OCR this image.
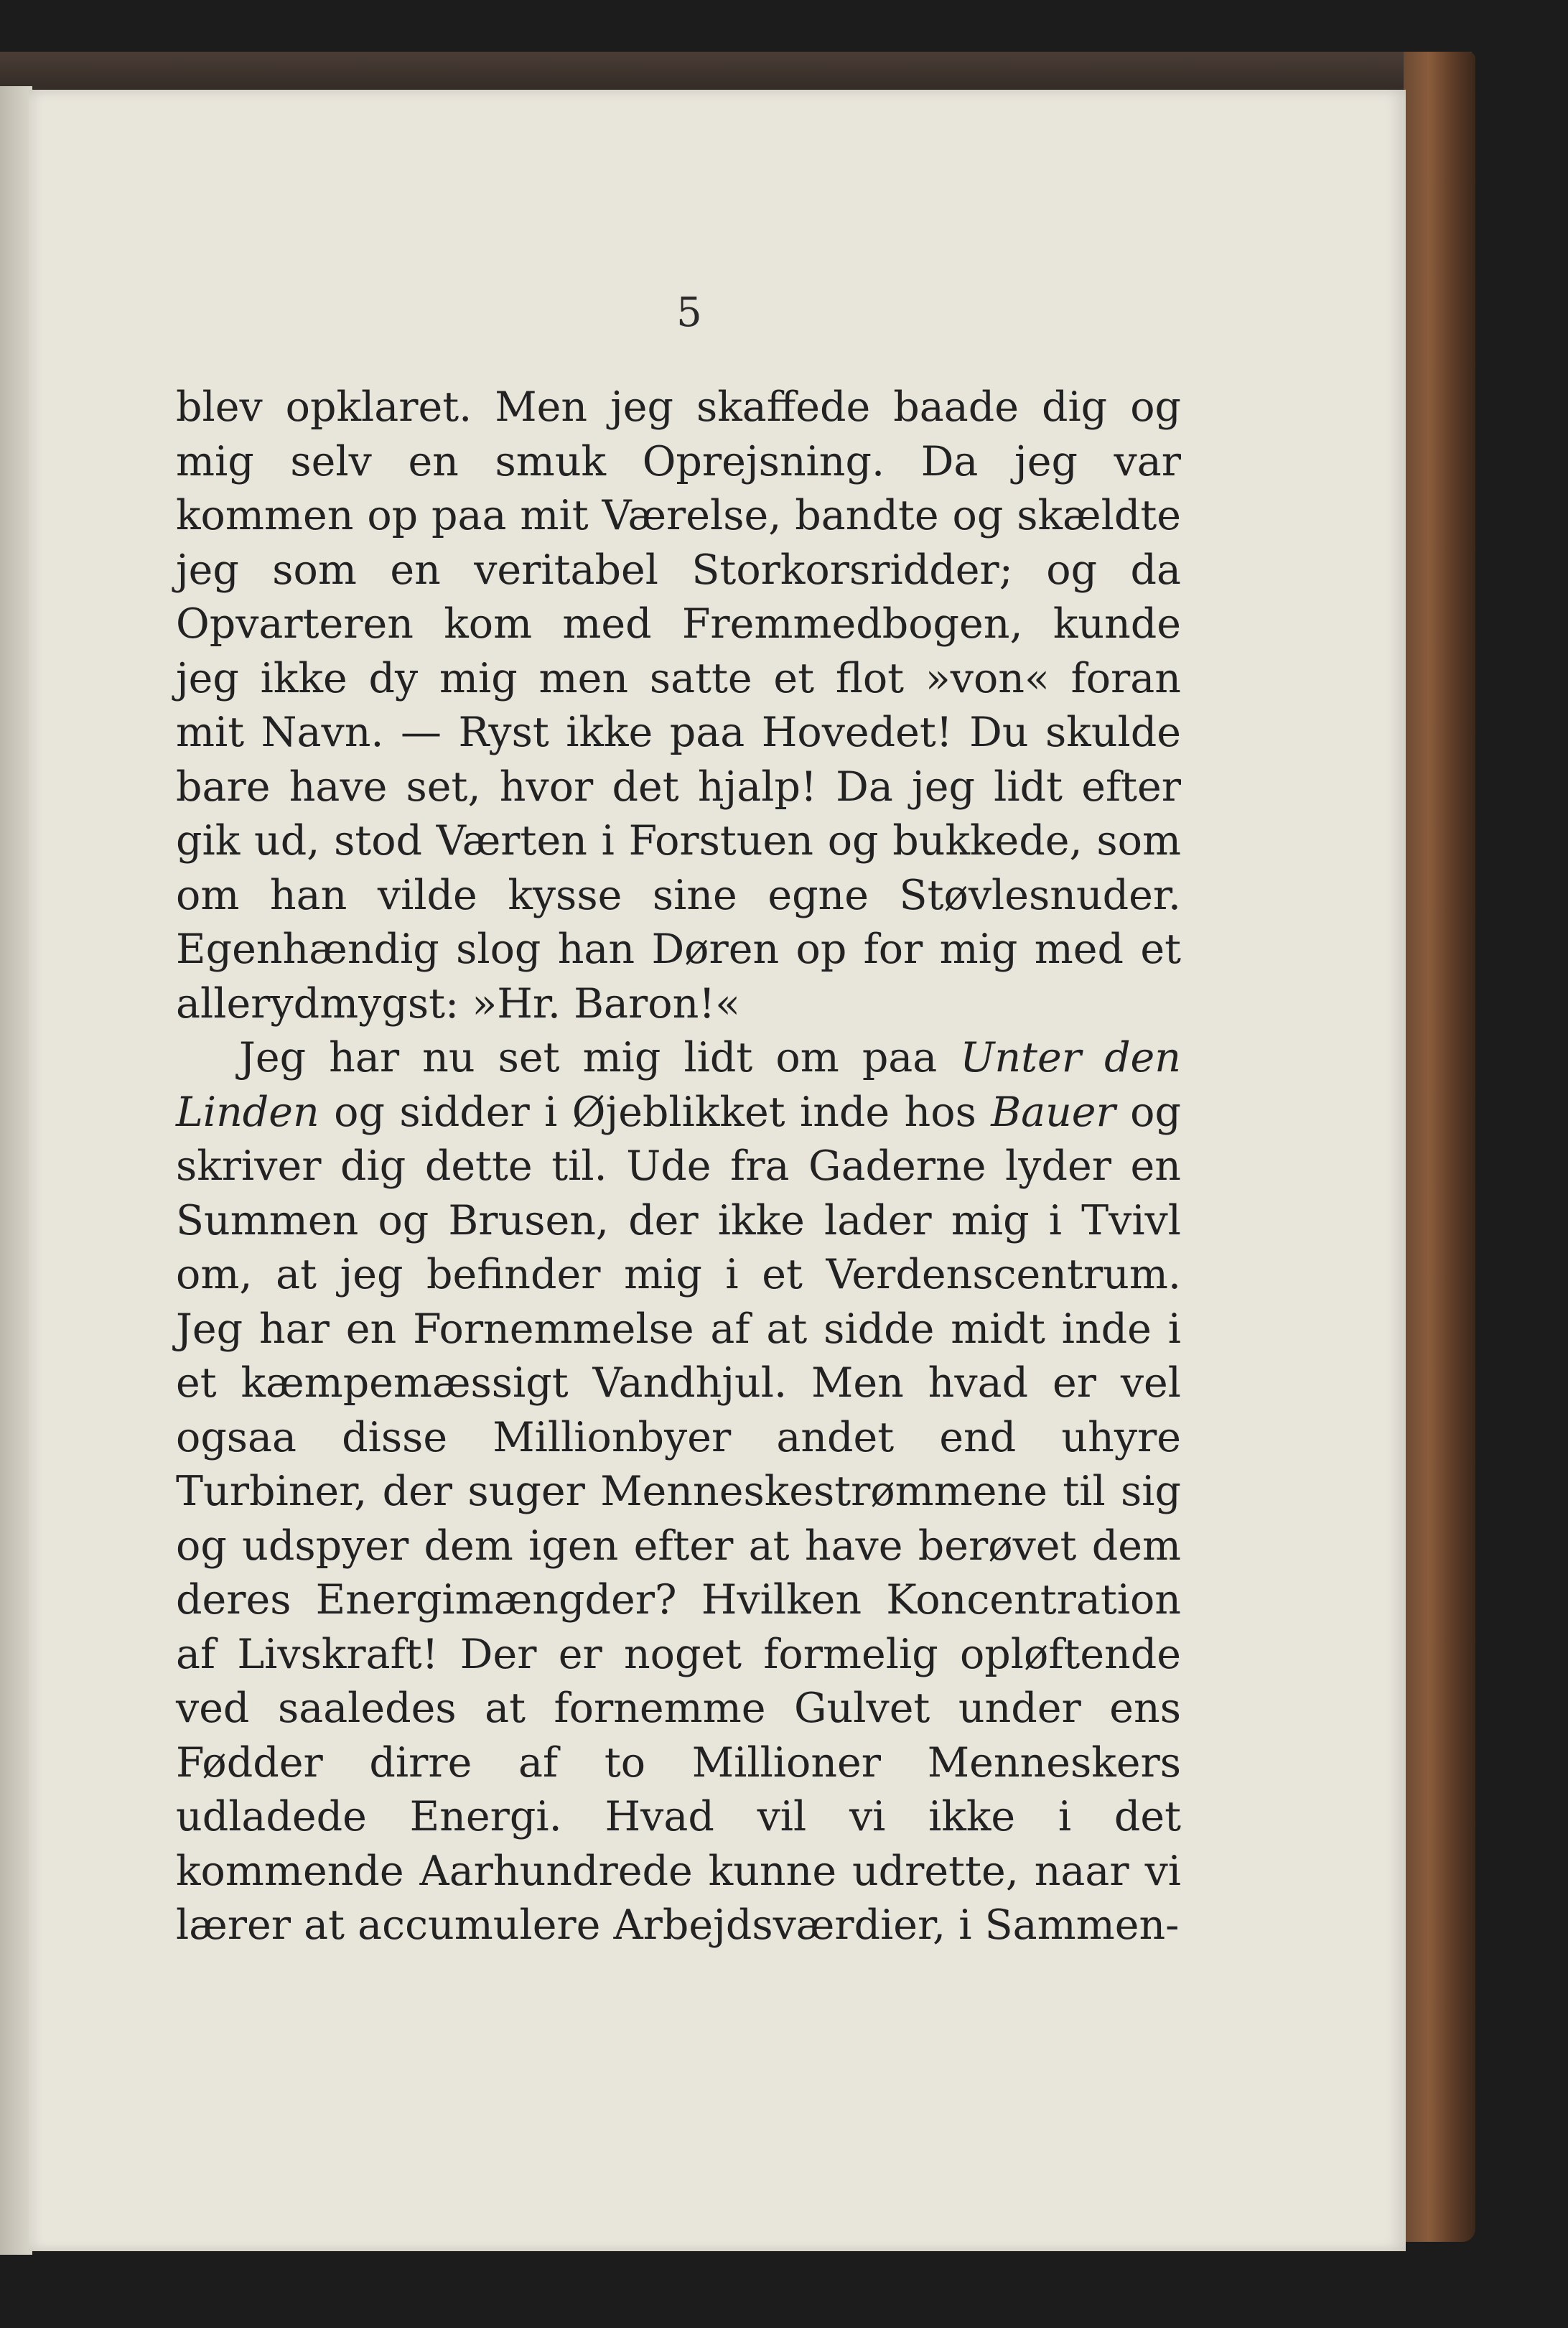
5

blev opklaret. Men jeg skaffede baade dig og mig selv en smuk Oprejsning. Da jeg var kommen op paa mit Værelse, bandte og skældte jeg som en veritabel Storkorsridder; og da Opvarteren kom med Fremmedbogen, kunde jeg ikke dy mig men satte et flot »von« foran mit Navn. — Ryst ikke paa Hovedet! Du skulde bare have set, hvor det hjalp! Da jeg lidt efter gik ud, stod Værten i Forstuen og bukkede, som om han vilde kysse sine egne Støvlesnuder. Egenhændig slog han Døren op for mig med et allerydmygst: »Hr. Baron!«

Jeg har nu set mig lidt om paa Unter den Linden og sidder i Øjeblikket inde hos Bauer og skriver dig dette til. Ude fra Gaderne lyder en Summen og Brusen, der ikke lader mig i Tvivl om, at jeg befinder mig i et Verdenscentrum. Jeg har en Fornemmelse af at sidde midt inde i et kæmpemæssigt Vandhjul. Men hvad er vel ogsaa disse Millionbyer andet end uhyre Turbiner, der suger Menneskestrømmene til sig og udspyer dem igen efter at have berøvet dem deres Energimængder? Hvilken Koncentration af Livskraft! Der er noget formelig opløftende ved saaledes at fornemme Gulvet under ens Fødder dirre af to Millioner Menneskers udladede Energi. Hvad vil vi ikke i det kommende Aarhundrede kunne udrette, naar vi lærer at accumulere Arbejdsværdier, i Sammen-
